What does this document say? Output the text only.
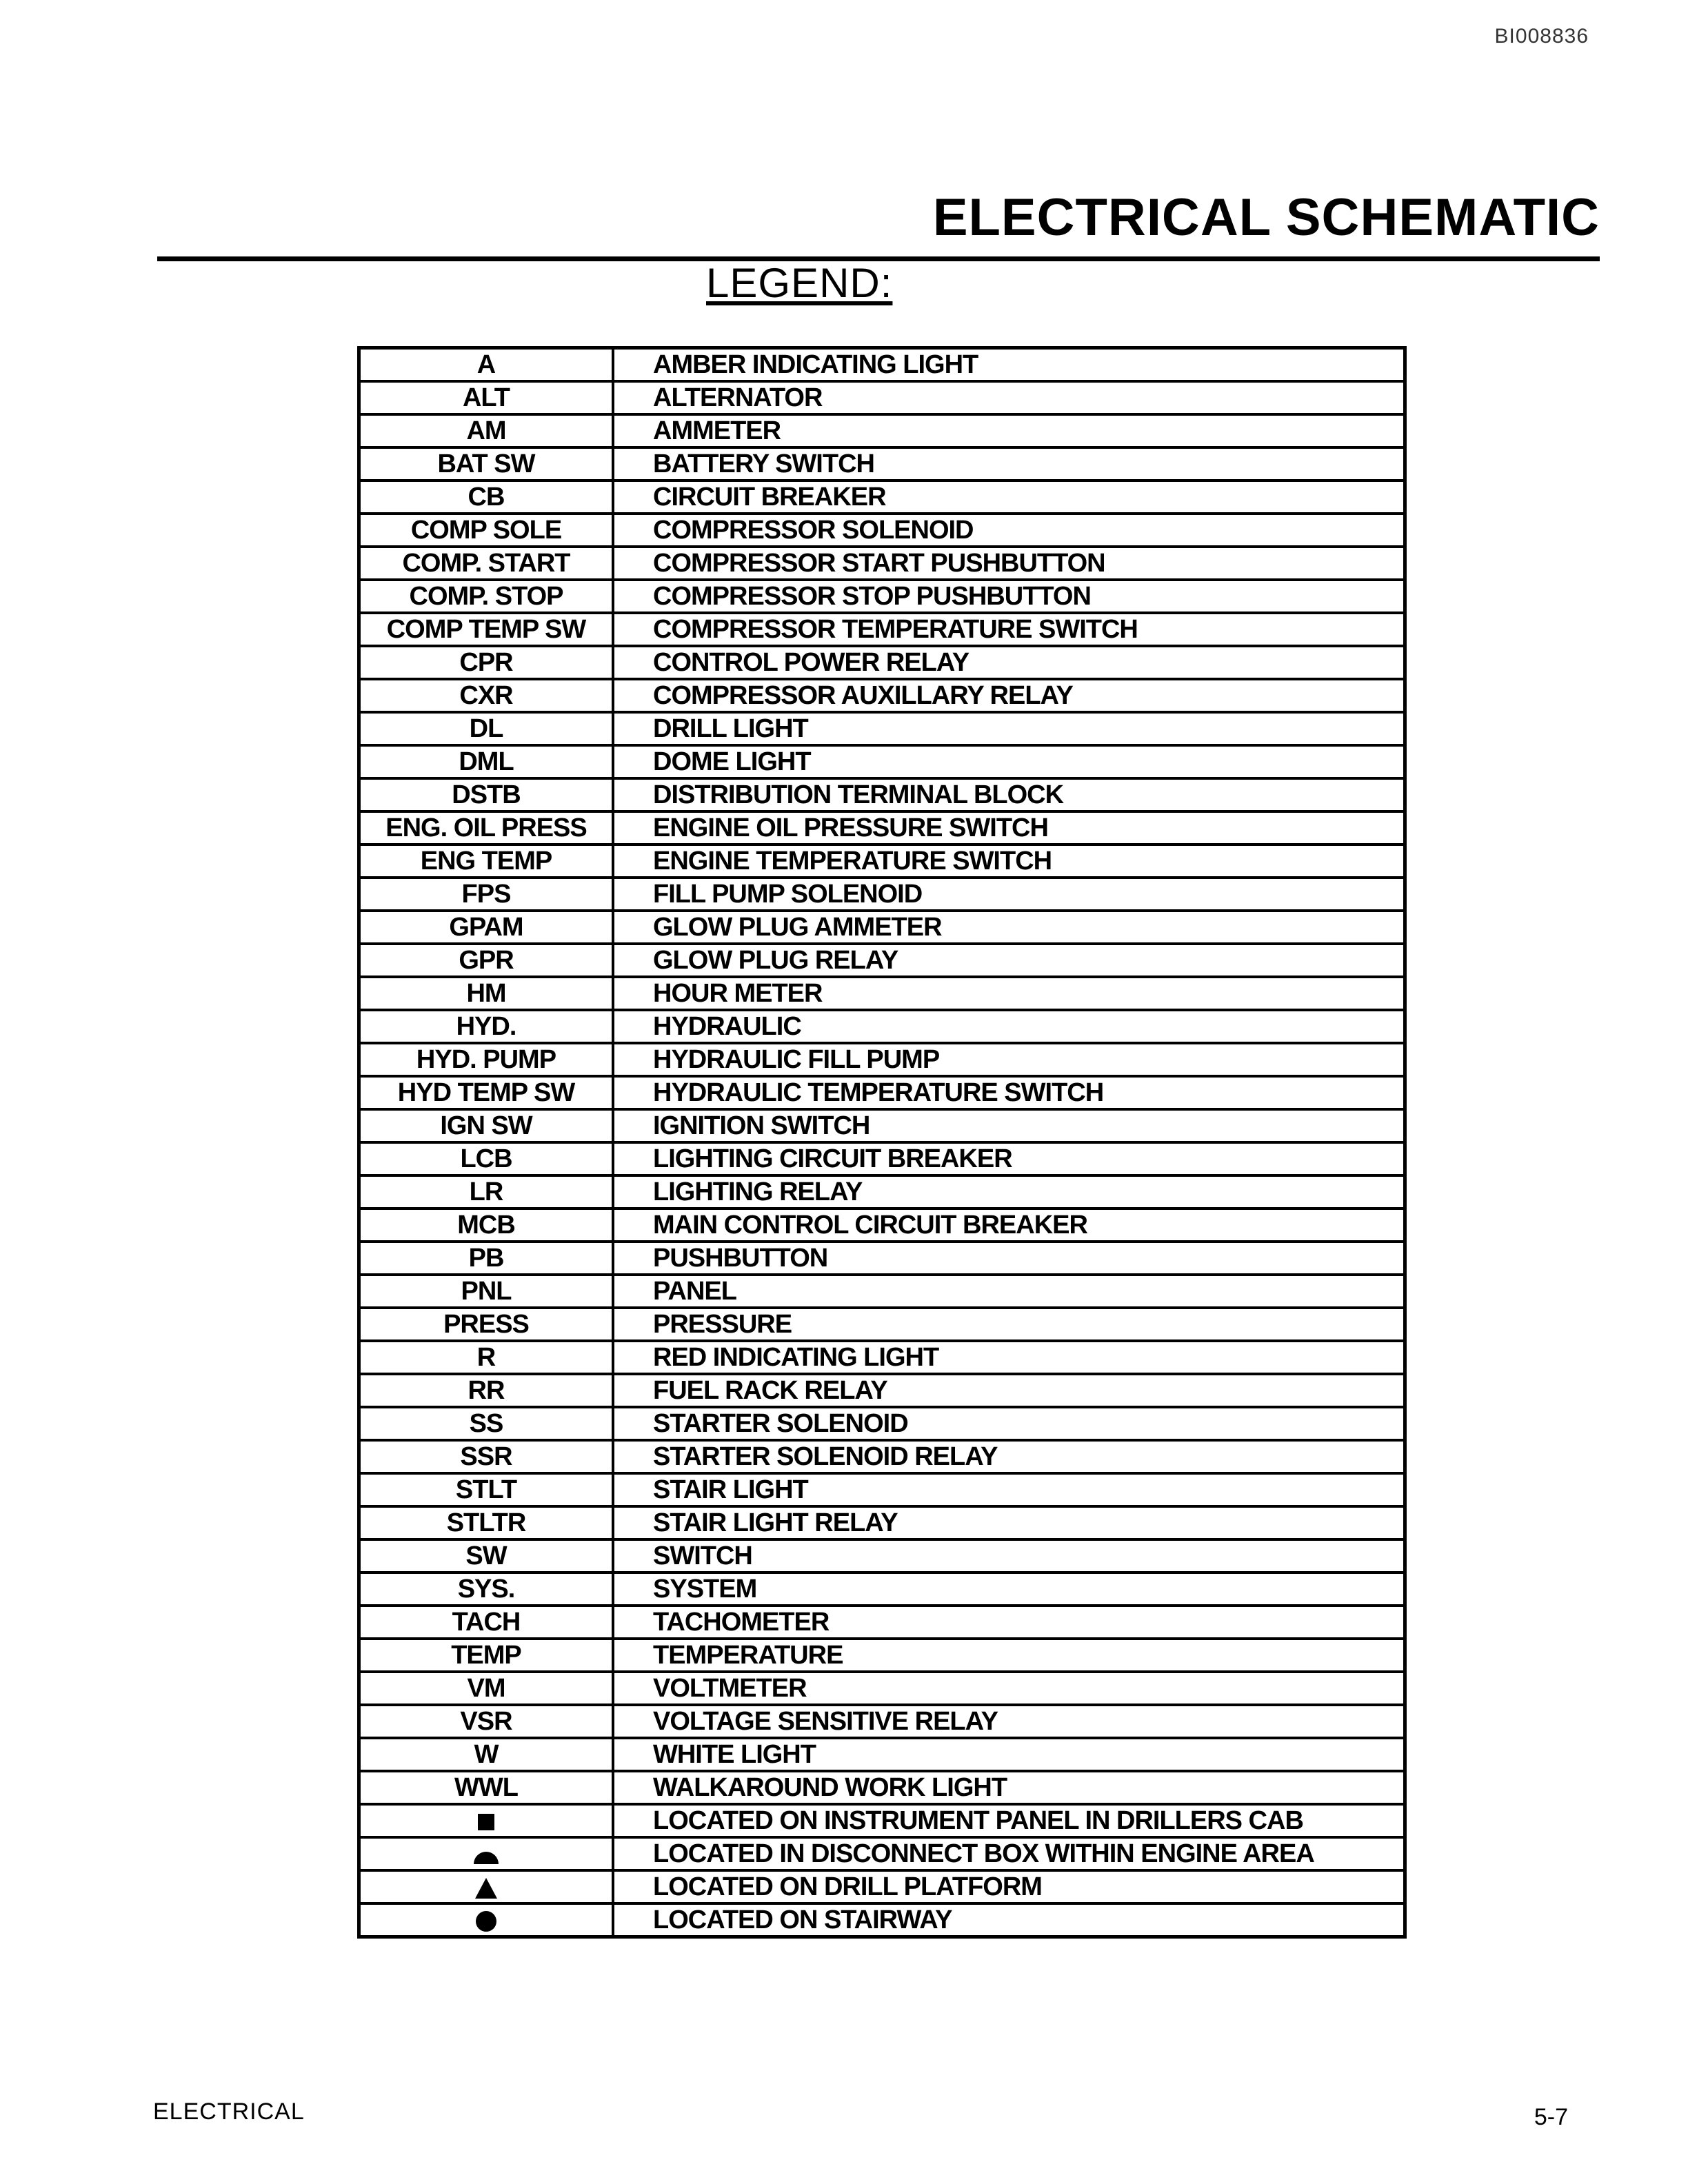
BI008836
ELECTRICAL SCHEMATIC
LEGEND:
A	AMBER INDICATING LIGHT
ALT	ALTERNATOR
AM	AMMETER
BAT SW	BATTERY SWITCH
CB	CIRCUIT BREAKER
COMP SOLE	COMPRESSOR SOLENOID
COMP. START	COMPRESSOR START PUSHBUTTON
COMP. STOP	COMPRESSOR STOP PUSHBUTTON
COMP TEMP SW	COMPRESSOR TEMPERATURE SWITCH
CPR	CONTROL POWER RELAY
CXR	COMPRESSOR AUXILLARY RELAY
DL	DRILL LIGHT
DML	DOME LIGHT
DSTB	DISTRIBUTION TERMINAL BLOCK
ENG. OIL PRESS	ENGINE OIL PRESSURE SWITCH
ENG TEMP	ENGINE TEMPERATURE SWITCH
FPS	FILL PUMP SOLENOID
GPAM	GLOW PLUG AMMETER
GPR	GLOW PLUG RELAY
HM	HOUR METER
HYD.	HYDRAULIC
HYD. PUMP	HYDRAULIC FILL PUMP
HYD TEMP SW	HYDRAULIC TEMPERATURE SWITCH
IGN SW	IGNITION SWITCH
LCB	LIGHTING CIRCUIT BREAKER
LR	LIGHTING RELAY
MCB	MAIN CONTROL CIRCUIT BREAKER
PB	PUSHBUTTON
PNL	PANEL
PRESS	PRESSURE
R	RED INDICATING LIGHT
RR	FUEL RACK RELAY
SS	STARTER SOLENOID
SSR	STARTER SOLENOID RELAY
STLT	STAIR LIGHT
STLTR	STAIR LIGHT RELAY
SW	SWITCH
SYS.	SYSTEM
TACH	TACHOMETER
TEMP	TEMPERATURE
VM	VOLTMETER
VSR	VOLTAGE SENSITIVE RELAY
W	WHITE LIGHT
WWL	WALKAROUND WORK LIGHT
	LOCATED ON INSTRUMENT PANEL IN DRILLERS CAB
	LOCATED IN DISCONNECT BOX WITHIN ENGINE AREA
	LOCATED ON DRILL PLATFORM
	LOCATED ON STAIRWAY
ELECTRICAL	5-7
